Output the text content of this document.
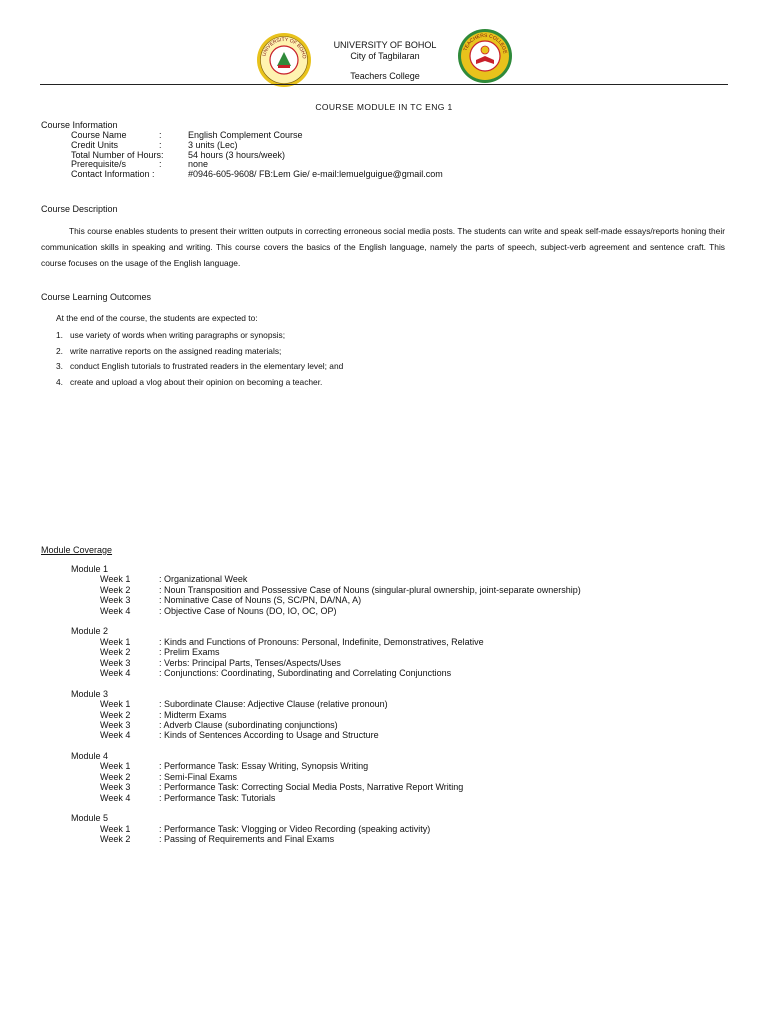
UNIVERSITY OF BOHO
UNIVERSITY OF BOHOL
City of Tagbilaran
Teachers College
TEACHERS COLLEGE
COURSE MODULE IN TC ENG 1
Course Information
Course Name	:	English Complement Course
Credit Units	:	3 units (Lec)
Total Number of Hours:	54 hours (3 hours/week)
Prerequisite/s	:	none
Contact Information :	#0946-605-9608/ FB:Lem Gie/ e-mail:lemuelguigue@gmail.com
Course Description
This course enables students to present their written outputs in correcting erroneous social media posts. The students can write and speak self-made essays/reports honing their communication skills in speaking and writing. This course covers the basics of the English language, namely the parts of speech, subject-verb agreement and sentence craft. This course focuses on the usage of the English language.
Course Learning Outcomes
At the end of the course, the students are expected to:
1. use variety of words when writing paragraphs or synopsis;
2. write narrative reports on the assigned reading materials;
3. conduct English tutorials to frustrated readers in the elementary level; and
4. create and upload a vlog about their opinion on becoming a teacher.
Module Coverage
Module 1
Week 1	: Organizational Week
Week 2	: Noun Transposition and Possessive Case of Nouns (singular-plural ownership, joint-separate ownership)
Week 3	: Nominative Case of Nouns (S, SC/PN, DA/NA, A)
Week 4	: Objective Case of Nouns (DO, IO, OC, OP)
Module 2
Week 1	: Kinds and Functions of Pronouns: Personal, Indefinite, Demonstratives, Relative
Week 2	: Prelim Exams
Week 3	: Verbs: Principal Parts, Tenses/Aspects/Uses
Week 4	: Conjunctions: Coordinating, Subordinating and Correlating Conjunctions
Module 3
Week 1	: Subordinate Clause: Adjective Clause (relative pronoun)
Week 2	: Midterm Exams
Week 3	: Adverb Clause (subordinating conjunctions)
Week 4	: Kinds of Sentences According to Usage and Structure
Module 4
Week 1	: Performance Task: Essay Writing, Synopsis Writing
Week 2	: Semi-Final Exams
Week 3	: Performance Task: Correcting Social Media Posts, Narrative Report Writing
Week 4	: Performance Task: Tutorials
Module 5
Week 1	: Performance Task: Vlogging or Video Recording (speaking activity)
Week 2	: Passing of Requirements and Final Exams
